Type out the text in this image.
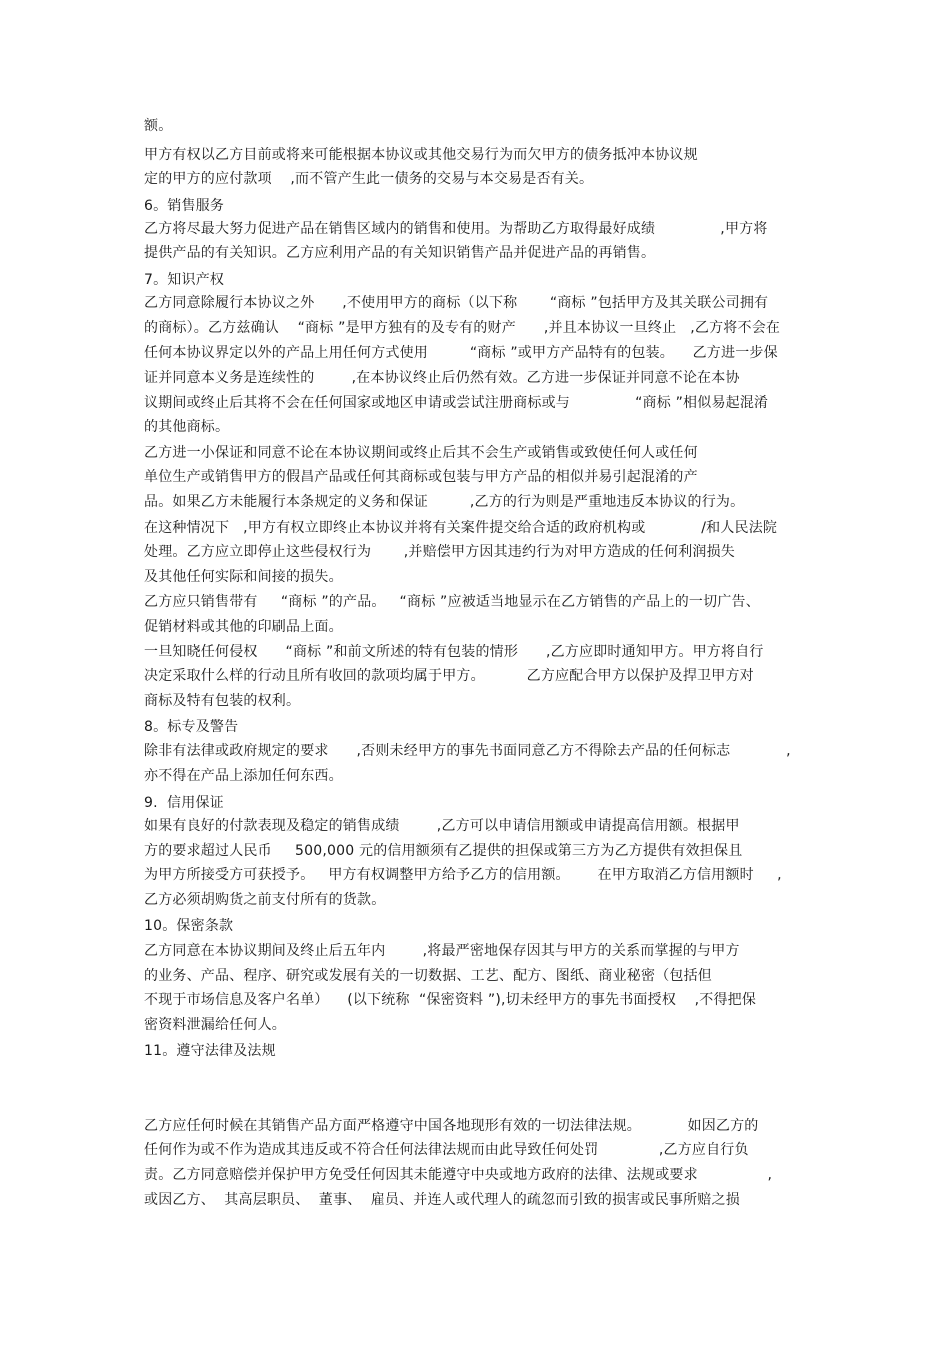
额。
甲方有权以乙方目前或将来可能根据本协议或其他交易行为而欠甲方的债务抵冲本协议规
定的甲方的应付款项    ,而不管产生此一债务的交易与本交易是否有关。
6。销售服务
乙方将尽最大努力促进产品在销售区域内的销售和使用。为帮助乙方取得最好成绩              ,甲方将
提供产品的有关知识。乙方应利用产品的有关知识销售产品并促进产品的再销售。
7。知识产权
乙方同意除履行本协议之外      ,不使用甲方的商标（以下称       “商标 ”包括甲方及其关联公司拥有
的商标）。乙方兹确认    “商标 ”是甲方独有的及专有的财产      ,并且本协议一旦终止   ,乙方将不会在
任何本协议界定以外的产品上用任何方式使用         “商标 ”或甲方产品特有的包装。    乙方进一步保
证并同意本义务是连续性的        ,在本协议终止后仍然有效。乙方进一步保证并同意不论在本协
议期间或终止后其将不会在任何国家或地区申请或尝试注册商标或与              “商标 ”相似易起混淆
的其他商标。
乙方进一小保证和同意不论在本协议期间或终止后其不会生产或销售或致使任何人或任何
单位生产或销售甲方的假昌产品或任何其商标或包装与甲方产品的相似并易引起混淆的产
品。如果乙方未能履行本条规定的义务和保证         ,乙方的行为则是严重地违反本协议的行为。
在这种情况下   ,甲方有权立即终止本协议并将有关案件提交给合适的政府机构或            /和人民法院
处理。乙方应立即停止这些侵权行为       ,并赔偿甲方因其违约行为对甲方造成的任何利润损失
及其他任何实际和间接的损失。
乙方应只销售带有     “商标 ”的产品。   “商标 ”应被适当地显示在乙方销售的产品上的一切广告、
促销材料或其他的印刷品上面。
一旦知晓任何侵权      “商标 ”和前文所述的特有包装的情形      ,乙方应即时通知甲方。甲方将自行
决定采取什么样的行动且所有收回的款项均属于甲方。         乙方应配合甲方以保护及捍卫甲方对
商标及特有包装的权利。
8。标专及警告
除非有法律或政府规定的要求      ,否则未经甲方的事先书面同意乙方不得除去产品的任何标志            ,
亦不得在产品上添加任何东西。
9.  信用保证
如果有良好的付款表现及稳定的销售成绩        ,乙方可以申请信用额或申请提高信用额。根据甲
方的要求超过人民币     500,000 元的信用额须有乙提供的担保或第三方为乙方提供有效担保且
为甲方所接受方可获授予。   甲方有权调整甲方给予乙方的信用额。      在甲方取消乙方信用额时     ,
乙方必须胡购货之前支付所有的货款。
10。保密条款
乙方同意在本协议期间及终止后五年内        ,将最严密地保存因其与甲方的关系而掌握的与甲方
的业务、产品、程序、研究或发展有关的一切数据、工艺、配方、图纸、商业秘密（包括但
不现于市场信息及客户名单）    (以下统称  “保密资料 ”),切未经甲方的事先书面授权    ,不得把保
密资料泄漏给任何人。
11。遵守法律及法规
乙方应任何时候在其销售产品方面严格遵守中国各地现形有效的一切法律法规。          如因乙方的
任何作为或不作为造成其违反或不符合任何法律法规而由此导致任何处罚             ,乙方应自行负
责。乙方同意赔偿并保护甲方免受任何因其未能遵守中央或地方政府的法律、法规或要求               ,
或因乙方、  其高层职员、  董事、  雇员、并连人或代理人的疏忽而引致的损害或民事所赔之损
